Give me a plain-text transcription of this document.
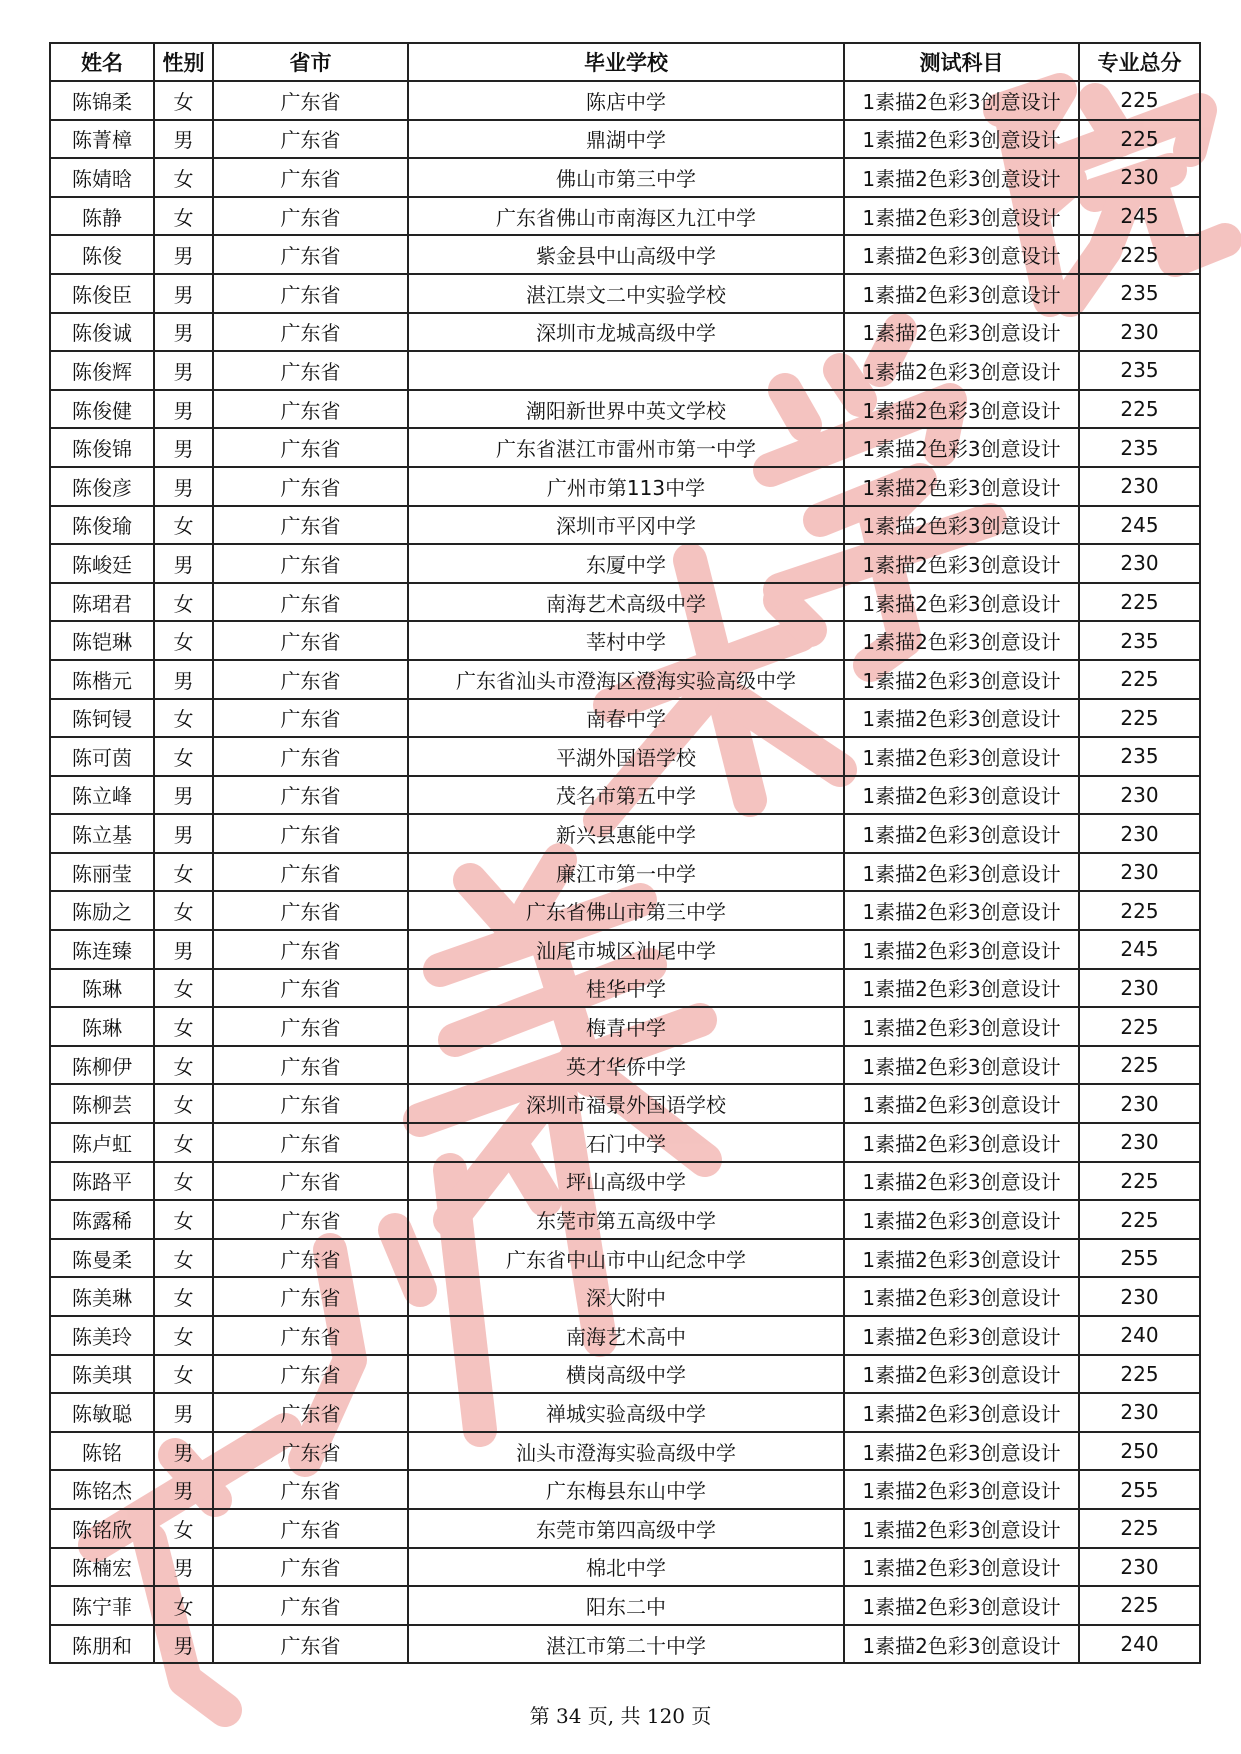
姓名	性别	省市	毕业学校	测试科目	专业总分
陈锦柔	女	广东省	陈店中学	1素描2色彩3创意设计	225
陈菁樟	男	广东省	鼎湖中学	1素描2色彩3创意设计	225
陈婧晗	女	广东省	佛山市第三中学	1素描2色彩3创意设计	230
陈静	女	广东省	广东省佛山市南海区九江中学	1素描2色彩3创意设计	245
陈俊	男	广东省	紫金县中山高级中学	1素描2色彩3创意设计	225
陈俊臣	男	广东省	湛江崇文二中实验学校	1素描2色彩3创意设计	235
陈俊诚	男	广东省	深圳市龙城高级中学	1素描2色彩3创意设计	230
陈俊辉	男	广东省		1素描2色彩3创意设计	235
陈俊健	男	广东省	潮阳新世界中英文学校	1素描2色彩3创意设计	225
陈俊锦	男	广东省	广东省湛江市雷州市第一中学	1素描2色彩3创意设计	235
陈俊彦	男	广东省	广州市第113中学	1素描2色彩3创意设计	230
陈俊瑜	女	广东省	深圳市平冈中学	1素描2色彩3创意设计	245
陈峻廷	男	广东省	东厦中学	1素描2色彩3创意设计	230
陈珺君	女	广东省	南海艺术高级中学	1素描2色彩3创意设计	225
陈铠琳	女	广东省	莘村中学	1素描2色彩3创意设计	235
陈楷元	男	广东省	广东省汕头市澄海区澄海实验高级中学	1素描2色彩3创意设计	225
陈钶锓	女	广东省	南春中学	1素描2色彩3创意设计	225
陈可茵	女	广东省	平湖外国语学校	1素描2色彩3创意设计	235
陈立峰	男	广东省	茂名市第五中学	1素描2色彩3创意设计	230
陈立基	男	广东省	新兴县惠能中学	1素描2色彩3创意设计	230
陈丽莹	女	广东省	廉江市第一中学	1素描2色彩3创意设计	230
陈励之	女	广东省	广东省佛山市第三中学	1素描2色彩3创意设计	225
陈连臻	男	广东省	汕尾市城区汕尾中学	1素描2色彩3创意设计	245
陈琳	女	广东省	桂华中学	1素描2色彩3创意设计	230
陈琳	女	广东省	梅青中学	1素描2色彩3创意设计	225
陈柳伊	女	广东省	英才华侨中学	1素描2色彩3创意设计	225
陈柳芸	女	广东省	深圳市福景外国语学校	1素描2色彩3创意设计	230
陈卢虹	女	广东省	石门中学	1素描2色彩3创意设计	230
陈路平	女	广东省	坪山高级中学	1素描2色彩3创意设计	225
陈露稀	女	广东省	东莞市第五高级中学	1素描2色彩3创意设计	225
陈曼柔	女	广东省	广东省中山市中山纪念中学	1素描2色彩3创意设计	255
陈美琳	女	广东省	深大附中	1素描2色彩3创意设计	230
陈美玲	女	广东省	南海艺术高中	1素描2色彩3创意设计	240
陈美琪	女	广东省	横岗高级中学	1素描2色彩3创意设计	225
陈敏聪	男	广东省	禅城实验高级中学	1素描2色彩3创意设计	230
陈铭	男	广东省	汕头市澄海实验高级中学	1素描2色彩3创意设计	250
陈铭杰	男	广东省	广东梅县东山中学	1素描2色彩3创意设计	255
陈铭欣	女	广东省	东莞市第四高级中学	1素描2色彩3创意设计	225
陈楠宏	男	广东省	棉北中学	1素描2色彩3创意设计	230
陈宁菲	女	广东省	阳东二中	1素描2色彩3创意设计	225
陈朋和	男	广东省	湛江市第二十中学	1素描2色彩3创意设计	240
第 34 页, 共 120 页
